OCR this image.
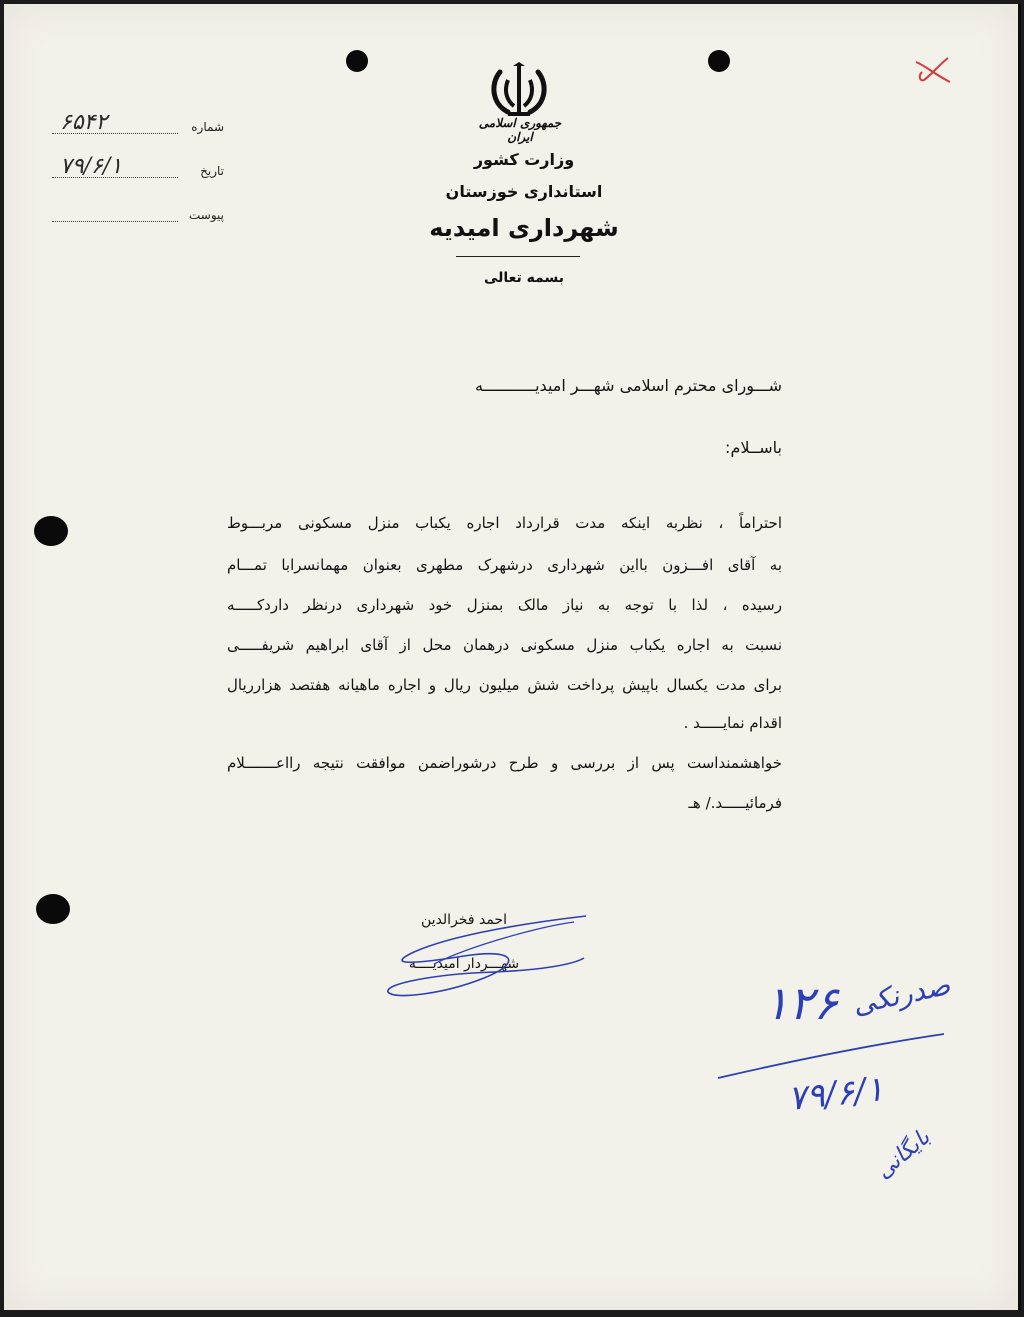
جمهوری اسلامی ایران
وزارت کشور
استانداری خوزستان
شهرداری امیدیه
بسمه تعالی
شماره
۶۵۴۲
تاریخ
۷۹/۶/۱
پیوست
شـــورای محترم اسلامی شهـــر امیدیـــــــــــه
باســلام:
احتراماً ، نظربه اینکه مدت قرارداد اجاره یکباب منزل مسکونی مربـــوط
به آقای افـــزون بااین شهرداری درشهرک مطهری بعنوان مهمانسرابا تمـــام
رسیده ، لذا با توجه به نیاز مالک بمنزل خود شهرداری درنظر داردکـــــه
نسبت به اجاره یکباب منزل مسکونی درهمان محل از آقای ابراهیم شریفـــــی
برای مدت یکسال باپیش پرداخت شش میلیون ریال و اجاره ماهیانه هفتصد هزارریال
اقدام نمایـــــد .
خواهشمنداست پس از بررسی و طرح درشوراضمن موافقت نتیجه رااعـــــــلام
فرمائیـــــد./ هـ
احمد فخرالدین
شهـــردار امیدیــــه
صدرنکی
۱۲۶
۷۹/۶/۱
بایگانی
